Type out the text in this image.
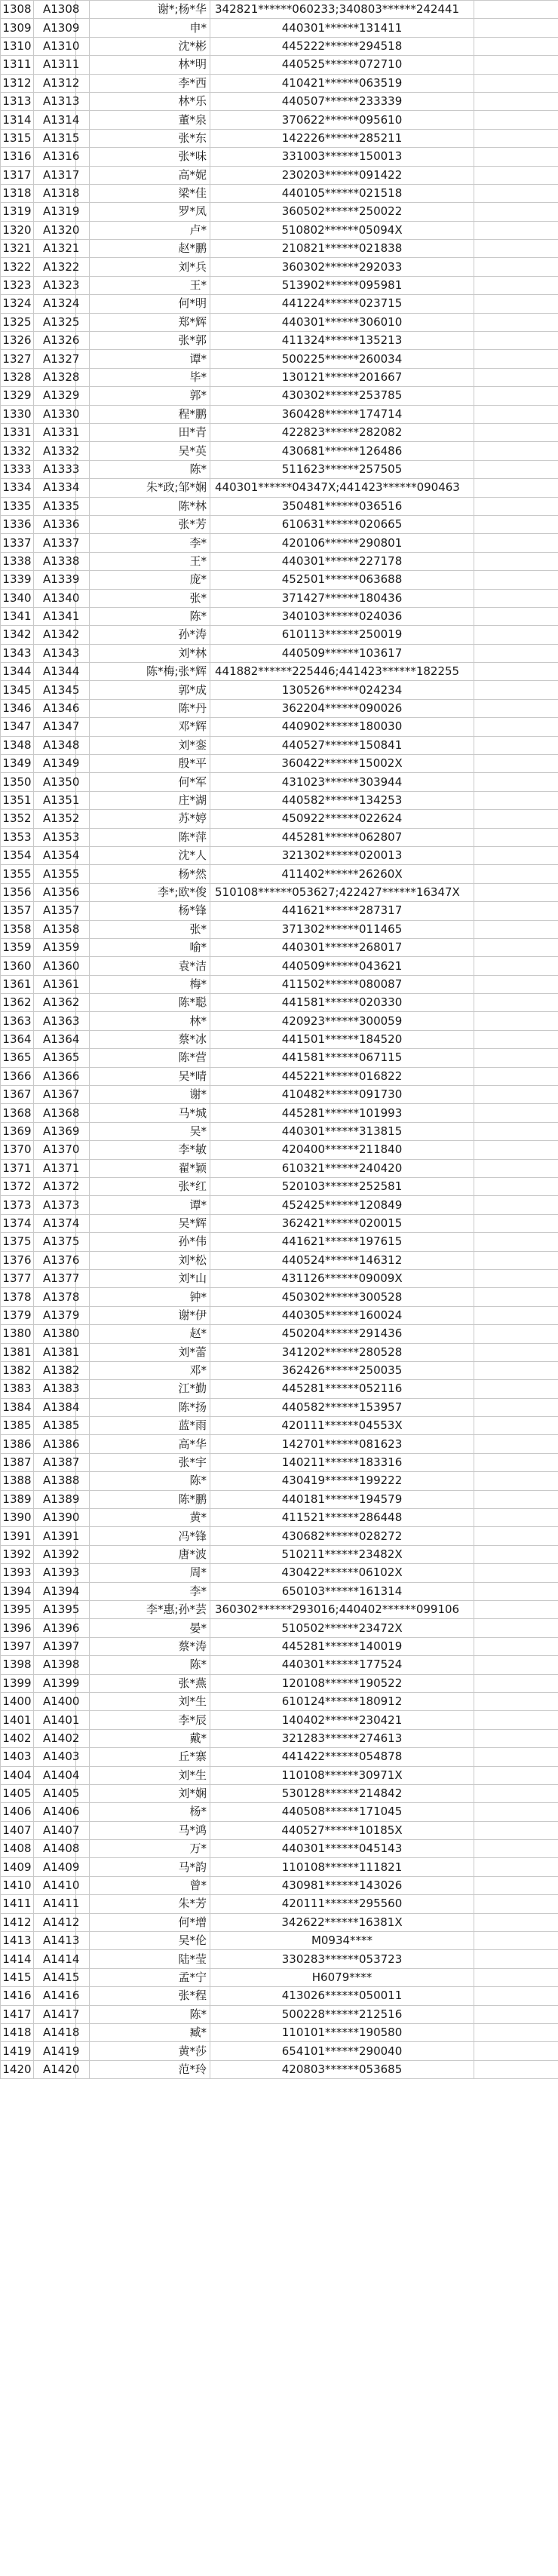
1308	A1308		谢*;杨*华	342821******060233;340803******242441	
1309	A1309		申*	440301******131411	
1310	A1310		沈*彬	445222******294518	
1311	A1311		林*明	440525******072710	
1312	A1312		李*西	410421******063519	
1313	A1313		林*乐	440507******233339	
1314	A1314		董*泉	370622******095610	
1315	A1315		张*东	142226******285211	
1316	A1316		张*味	331003******150013	
1317	A1317		高*妮	230203******091422	
1318	A1318		梁*佳	440105******021518	
1319	A1319		罗*凤	360502******250022	
1320	A1320		卢*	510802******05094X	
1321	A1321		赵*鹏	210821******021838	
1322	A1322		刘*兵	360302******292033	
1323	A1323		王*	513902******095981	
1324	A1324		何*明	441224******023715	
1325	A1325		郑*辉	440301******306010	
1326	A1326		张*郭	411324******135213	
1327	A1327		谭*	500225******260034	
1328	A1328		毕*	130121******201667	
1329	A1329		郭*	430302******253785	
1330	A1330		程*鹏	360428******174714	
1331	A1331		田*青	422823******282082	
1332	A1332		吴*英	430681******126486	
1333	A1333		陈*	511623******257505	
1334	A1334		朱*政;邹*娴	440301******04347X;441423******090463	
1335	A1335		陈*林	350481******036516	
1336	A1336		张*芳	610631******020665	
1337	A1337		李*	420106******290801	
1338	A1338		王*	440301******227178	
1339	A1339		庞*	452501******063688	
1340	A1340		张*	371427******180436	
1341	A1341		陈*	340103******024036	
1342	A1342		孙*涛	610113******250019	
1343	A1343		刘*林	440509******103617	
1344	A1344		陈*梅;张*辉	441882******225446;441423******182255	
1345	A1345		郭*成	130526******024234	
1346	A1346		陈*丹	362204******090026	
1347	A1347		邓*辉	440902******180030	
1348	A1348		刘*銮	440527******150841	
1349	A1349		殷*平	360422******15002X	
1350	A1350		何*军	431023******303944	
1351	A1351		庄*湖	440582******134253	
1352	A1352		苏*婷	450922******022624	
1353	A1353		陈*萍	445281******062807	
1354	A1354		沈*人	321302******020013	
1355	A1355		杨*然	411402******26260X	
1356	A1356		李*;欧*俊	510108******053627;422427******16347X	
1357	A1357		杨*锋	441621******287317	
1358	A1358		张*	371302******011465	
1359	A1359		喻*	440301******268017	
1360	A1360		袁*洁	440509******043621	
1361	A1361		梅*	411502******080087	
1362	A1362		陈*聪	441581******020330	
1363	A1363		林*	420923******300059	
1364	A1364		蔡*冰	441501******184520	
1365	A1365		陈*营	441581******067115	
1366	A1366		吴*晴	445221******016822	
1367	A1367		谢*	410482******091730	
1368	A1368		马*城	445281******101993	
1369	A1369		吴*	440301******313815	
1370	A1370		李*敏	420400******211840	
1371	A1371		翟*颖	610321******240420	
1372	A1372		张*红	520103******252581	
1373	A1373		谭*	452425******120849	
1374	A1374		吴*辉	362421******020015	
1375	A1375		孙*伟	441621******197615	
1376	A1376		刘*松	440524******146312	
1377	A1377		刘*山	431126******09009X	
1378	A1378		钟*	450302******300528	
1379	A1379		谢*伊	440305******160024	
1380	A1380		赵*	450204******291436	
1381	A1381		刘*蕾	341202******280528	
1382	A1382		邓*	362426******250035	
1383	A1383		江*勤	445281******052116	
1384	A1384		陈*扬	440582******153957	
1385	A1385		蓝*雨	420111******04553X	
1386	A1386		高*华	142701******081623	
1387	A1387		张*宇	140211******183316	
1388	A1388		陈*	430419******199222	
1389	A1389		陈*鹏	440181******194579	
1390	A1390		黄*	411521******286448	
1391	A1391		冯*锋	430682******028272	
1392	A1392		唐*波	510211******23482X	
1393	A1393		周*	430422******06102X	
1394	A1394		李*	650103******161314	
1395	A1395		李*惠;孙*芸	360302******293016;440402******099106	
1396	A1396		晏*	510502******23472X	
1397	A1397		蔡*涛	445281******140019	
1398	A1398		陈*	440301******177524	
1399	A1399		张*燕	120108******190522	
1400	A1400		刘*生	610124******180912	
1401	A1401		李*辰	140402******230421	
1402	A1402		戴*	321283******274613	
1403	A1403		丘*寨	441422******054878	
1404	A1404		刘*生	110108******30971X	
1405	A1405		刘*娴	530128******214842	
1406	A1406		杨*	440508******171045	
1407	A1407		马*鸿	440527******10185X	
1408	A1408		万*	440301******045143	
1409	A1409		马*韵	110108******111821	
1410	A1410		曾*	430981******143026	
1411	A1411		朱*芳	420111******295560	
1412	A1412		何*增	342622******16381X	
1413	A1413		吴*伦	M0934****	
1414	A1414		陆*莹	330283******053723	
1415	A1415		孟*宁	H6079****	
1416	A1416		张*程	413026******050011	
1417	A1417		陈*	500228******212516	
1418	A1418		臧*	110101******190580	
1419	A1419		黄*莎	654101******290040	
1420	A1420		范*玲	420803******053685	
